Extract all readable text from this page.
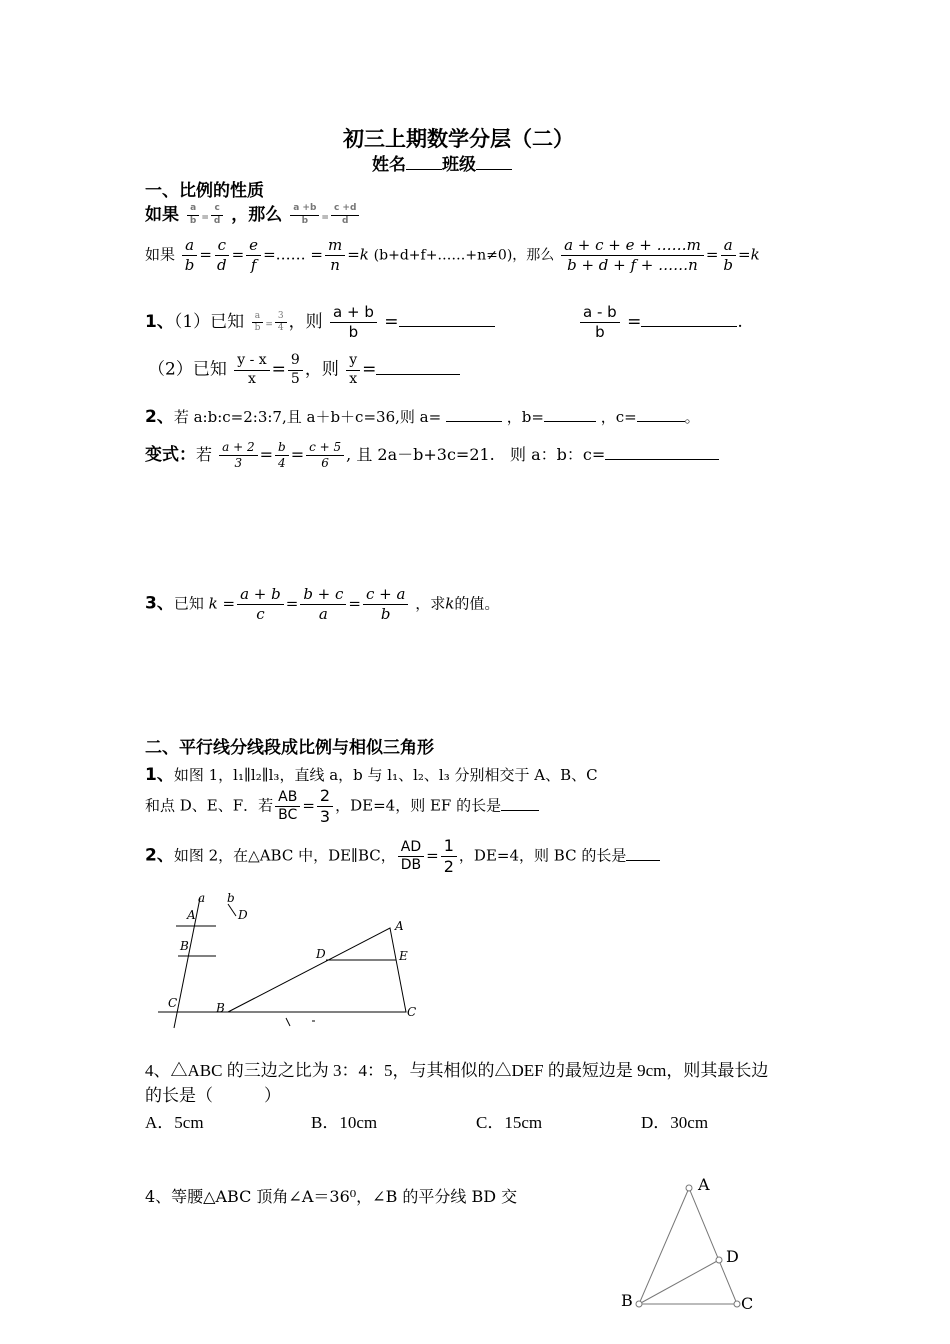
初三上期数学分层（二）
姓名 班级
一、比例的性质
如果 $\frac{a}{b} = \frac{c}{d}$ ，那么 $\frac{a +b}{b} = \frac{c +d}{d}$
如果 $\frac{a}{b} = \frac{c}{d} = \frac{e}{f}$ =…… = $\frac{m}{n} =k$ (b+d+f+……+n≠0)，那么 $\frac{a + c + e + \dots\dots m}{b + d + f + \dots\dots n} = \frac{a}{b} =k$
1、（1）已知 $\frac{a}{b} = \frac{3}{4}$ ，则 $\frac{a + b}{b}$ =	$\frac{a - b}{b}$ =	.
（2）已知 $\frac{y - x}{x} = \frac{9}{5}$ ，则 $\frac{y}{x}$ =
2、若 a:b:c=2:3:7,且 a＋b＋c=36,则 a=	，b=	，c=	。
变式：若 $\frac{a + 2}{3} = \frac{b}{4} = \frac{c + 5}{6}$ , 且 2a－b+3c=21. 则 a：b：c=
3、已知 $k = \frac{a + b}{c} = \frac{b + c}{a} = \frac{c + a}{b}$ ，求k的值。
二、平行线分线段成比例与相似三角形
1、如图 1，l₁∥l₂∥l₃，直线 a，b 与 l₁、l₂、l₃ 分别相交于 A、B、C
和点 D、E、F．若 $\frac{AB}{BC} = \frac{2}{3}$ ，DE=4，则 EF 的长是
2、如图 2，在△ABC 中，DE∥BC， $\frac{AD}{DB} = \frac{1}{2}$ ，DE=4，则 BC 的长是
a b
A	D
B
C
A
D	E
B	C
4、△ABC 的三边之比为 3：4：5，与其相似的△DEF 的最短边是 9cm，则其最长边
的长是（　　　）
A．5cm	B．10cm	C．15cm	D．30cm
4、等腰△ABC 顶角∠A＝36⁰，∠B 的平分线 BD 交
A
D
B	C
